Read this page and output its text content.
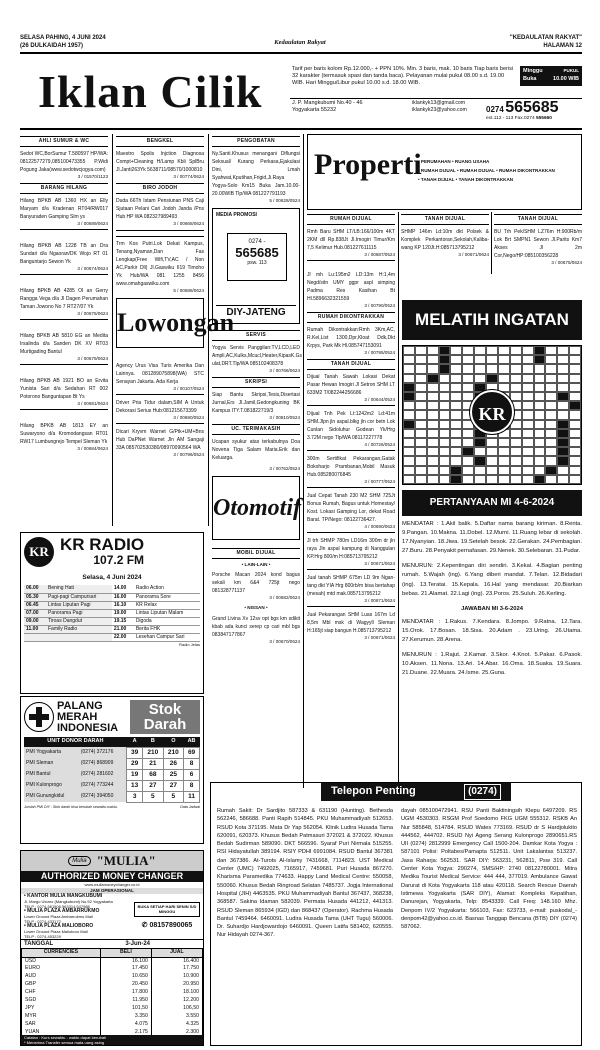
SELASA PAHING, 4 JUNI 2024
(26 DULKAIDAH 1957)	Kedaulatan Rakyat
"KEDAULATAN RAKYAT"
HALAMAN 12
Iklan Cilik	Tarif per baris kolom Rp.12.000,- + PPN 10%. Min. 3 baris, mak. 10 baris Tiap baris berisi 32 karakter (termasuk spasi dan tanda baca). Pelayanan mulai pukul 08.00 s.d. 19.00 WIB. Hari Minggu/Libur pukul 10.00 s.d. 18.00 WIB.
Minggu	PUKUL
Buka	10.00 WIB
J. P. Mangkubumi No.40 - 46
Yogyakarta 55232
iklankyk13@gmail.com
iklankyk23@yahoo.com	0274 565685
ext.112 - 113 Fax.0274 555660
AHLI SUMUR & WC
Sedot WC,BorSumur T.580597 HP/WA: 08122577279,085100473355 P.Widi Pogung Jaka(www.sedotwcjogya.com)
3 / 01570/1123
BARANG HILANG
Hilang BPKB AB 1360 HX an Elly Maryam d/a Kradenan RT04/RW017 Banyuraden Gamping Slm ys
3 / 00689/0624
Hilang BPKB AB 1228 TB an Dra Sundari d/a Ngaoran/DK Wojo RT 01 Banguntarjo Sewon Yk
3 / 00674/0624
Hilang BPKB AB 4285 OI an Gerry Rangga Vega d/a Jl Dagen Perumahan Taman Jowono No 7 RT27/07 Yk
3 / 00675/0624
Hilang BPKB AB 5810 EG an Medita Irsalinda d/a Sanden DK XV RT03 Murtigading Bantul
3 / 00679/0624
Hilang BPKB AB 1921 BO an Ervita Yunista Sari d/a Sedahan RT 002 Potorono Banguntapan Bt Ys
3 / 00681/0624
Hilang BPKB AB 1813 EY an Suwaryono d/a Kromodangsan RT01 RW17 Lumbungrejo Tempel Sleman Yk
3 / 00684/0624
BENGKEL
Maestro Spolis Injction Diagnosa Compt+Cleaning H/Lamp Kbli SplBru Jl.Janti263Yk 5638711/08570/1000810
3 / 00774/0624
BIRO JODOH
Duda 66Th Istam Pensiunan PNS Caji Sjutaan Pelani Cari Jodoh Janda /Pns Hub HP WA 082327989493
3 / 00668/0624
Trm Kos Putri.Lok Dekat Kampus, Tenang,Nyaman,Dan Fas Lengkap(Free Wifi,TV,AC / Non AC,Parkir Dll) Jl.Gaswiku II19 Timoho Yk Hub/WA 081 1255 8456 www.omahgaswiku.com
5 / 00688/0624
Lowongan
Agency Urus Visa Turis Amerika Dan Lainnya. 081289075898(WA) STC Senayan Jakarta. Ada Kerja
3 / 00107/0524
Driver Pria Tidur dalam,SIM A Untuk Dekorasi Serius Hub:081215673399
3 / 00690/0524
Dicari Kryvm Warnet G/Ptk+UM+Bns Hub DaPNet Warnet Jln AM Sangaji 33A 085702530380/08970090564 WA
3 / 00796/0524
KR KR RADIO
107.2 FM
Selasa, 4 Juni 2024
06.00	Bening Hati	14.00	Radio Action
05.30	Pagi-pagi Campursari	16.00	Panorama Sore
06.45	Lintas Liputan Pagi	16.10	KR Relax
07.00	Panorama Pagi	19.00	Lintas Liputan Malam
09.00	Tiroas Dangdut	19.15	Digoda
11.00	Family Radio	21.00	Berita FHK
		22.00	Lesehan Campur Sari
Radio Jelas
PALANG
MERAH
INDONESIA
Stok
Darah
UNIT DONOR DARAH		A	B	O	AB
PMI Yogyakarta	(0274) 372176	39	210	210	69
PMI Sleman	(0274) 868909	29	21	26	8
PMI Bantul	(0274) 281602	19	68	25	6
PMI Kulonprogo	(0274) 773244	13	27	27	8
PMI Gunungkidul	(0274) 394050	3	5	5	11
Jumlah PMI DIY : Stok darah bisa berubah sewaktu-waktu.	Data Jadwal
Mulia "MULIA"
AUTHORIZED MONEY CHANGER
www.muliamoneychanger.co.id
JAM OPERASIONAL
• KANTOR MULIA MANGKUBUMI
Jl. Margo Utomo (Mangkubumi) No.52 Yogyakarta
TELP : 0274-561506,563314,547988
• MULIA PLAZA AMBARRUKMO
Lower Ground Plaza Ambarrukmo Mall
TELP : 0274-433172
• MULIA PLAZA MALIOBORO
Lower Ground Plaza Malioboro Mall
TELP : 0274-453229
BUKA SETIAP HARI SENIN S/D MINGGU
✆ 08157890065
TANGGAL	3-Jun-24
CURRENCIES	BELI	JUAL
USD	16.100	16.400
EURO	17.450	17.750
AUD	10.650	10.900
GBP	20.450	20.950
CHF	17.800	18.100
SGD	11.950	12.200
JPY	101,50	106,50
MYR	3.350	3.550
SAR	4.075	4.325
YUAN	2.175	2.300
Catatan : Kurs sewaktu - waktu dapat berubah
* Menerima Transfer semua mata uang asing
PENGOBATAN
Ny.Santi.Khusus menangani Diflungsi Seksual/ Kurang Perkasa,Ejakulasi Dini, Lmah Syahwat,Kputihan,Frigid,Ji.Raya Yogya-Solo Km15 Buka Jam.10.00-20.00WIB Tlp/WA 081227791193
5 / 00628/0524
MEDIA PROMOSI
0274 -
565685
psw. 113
DIY-JATENG
SERVIS
Yogya Servis Panggilan:TV,LCD,LED Ampli,AC,Kulks,Mcucl,Heater,KipasK.Gs ulat,DRT.Tlp/WA 085102408378
3 / 00768/0624
SKRIPSI
Siap Bantu Skripsi,Tesis,Disertasi Jurnal,Ers Jl.Jamil,Gedongkuning BK Kampus ITY.T.081822719/3
3 / 00810/0524
UC. TERIMAKASIH
Ucapan syukur atas terkabulnya Doa Novena Tiga Salam Maria.Erik dan Keluarga.
3 / 00762/0524
Otomotif
MOBIL DIJUAL
• LAIN-LAIN •
Porsche Macan 2024 kond bagus sekali km 6&4 725jt nego 081328771137
3 / 00682/0624
• NISSAN •
Grand Livina Xv 12sv opt bgs km sdikit kbab ada kunci serep cp cari mbl bgs 083847177867
3 / 00670/0624
Properti
• PERUMAHAN • RUANG USAHA
• RUMAH DIJUAL • RUMAH DIJUAL • RUMAH DIKONTRAKKAN
• TANAH DIJUAL • TANAH DIKONTRAKKAN
RUMAH DIJUAL
Rmh Baru SHM LT/LB:166/100m 4KT 2KM dll Rp.838Jt Jl.Imogiri Timur/Km 7,5 Kelimur Hub.081227611115
3 / 00687/0524
Jl mh Lu:195m2 LD:13m H:1,4m Negd/sitn UMY ggpr aspl simping Padma Res Kasihan Bt Hl.5896632321559
3 / 00790/0524
RUMAH DIKONTRAKKAN
Rumah Dikontrakkan:Rmh 3Km,AC, R.Kel,List 1300,Dpr,Kloat Ddk,Dkt Krpys, Park Mk Hl.085747153091
3 / 00795/0524
TANAH DIJUAL
Dijual Tanah Sawah Lokasi Dekat Pasar Hewan Imogiri Jl Setron SHM LT 633M2 T/082244256686
3 / 00644/0524
Dijual Tnh Pek Lt:1242m2 Ld:41m SHM.Jlpn jln aspal.blkg jln cor betn Lok Cunlan Sidoluhur Godean Yk/Hrg 3.72M nego Tlp/WA 08117227778
4 / 00726/0524
300m Sertifikat Pekarangan,Gatak Bokoharjo Prambanan,Mobil Masuk Hub.085280076845
3 / 00777/0524
Jual Cepat Tanah 230 M2 SHM 725Jt Bonus Rumah, Bagus untuk Homestay/ Kost. Lokasi Gamping Lor, dekat Road Barat. TP/Nego: 08122736427.
4 / 00690/0624
Jl trh SHMP 780m LD16m 300m dr jln raya Jln aspal kampung di Nanggulan KP.Hrg 800/m H:085713795212
3 / 00671/0624
Jual tanah SHMP 675m LD 9m Ngan-tang dkt YIA Hrg 800rb/m bisa bertahap (mesah) mtd mak.085713795212
3 / 00671/0624
Jual Pekarangan SHM Luas 167m Ld 8,5m Mbl msk di Wagyyll Sleman H:165jt siap bangun H.085713795212
3 / 00671/0624
TANAH DIJUAL
SHMP 146m Ld:10m dkt Polsek & Komplek Perkantoran,Sekolah,Kaliba-wang KP 120Jt.H:085713795212
3 / 00671/0624
TANAH DIJUAL
BU Trh Pek/SHM LZ76m H:900Rb/m Lok Brt SMPN1 Sewon Jl.Parits Km7 Akses Jl 2m Cor,Nego/HP:085100356228
3 / 00675/0624
MELATIH INGATAN
KR
PERTANYAAN MI 4-6-2024
MENDATAR : 1.Akil balik. 5.Daftar nama barang kiriman. 8.Renta. 9.Pangan. 10.Makna. 11.Dobel. 12.Murni. 11.Ruang lebar di sekolah. 17.Nyanyian. 18.Jiwa. 19.Setelah besok. 22.Gerakan. 24.Pembagian. 27.Buru. 28.Penyakit pernafasan. 29.Nenek. 30.Selebaran. 31.Pudar.
MENURUN: 2.Kepentingan diri sendiri. 3.Kekal. 4.Bagian penting rumah. 5.Wajah (ing). 6.Yang diberi mandat. 7.Telan. 12.Bidadari (ing). 13.Teratai. 15.Kepala. 16.Hal yang mendasar. 20.Biarkan bebas. 21.Alamat. 22.Lagi (ing). 23.Poros. 25.Suluh. 26.Kerling.
JAWABAN MI 3-6-2024
MENDATAR : 1.Rakus. 7.Kendara. 8.Jompo. 9.Ratna. 12.Tara. 15.Orok. 17.Bosan. 18.Sisa. 20.Adam . 23.Uring. 26.Utama. 27.Kerumun. 28.Arena.
MENURUN : 1.Rajut. 2.Kamar. 3.Skor. 4.Knot. 5.Pakar. 6.Pasok. 10.Aksen. 11.Nona. 13.Ari. 14.Abar. 16.Oma. 18.Suaka. 19.Suara. 21.Duane. 22.Muara. 24.Isme. 25.Guna.
Telepon Penting	(0274)
Rumah Sakit: Dr Sardjito 587333 & 631190 (Hunting). Bethesda 562246, 586688. Panti Rapih 514845. PKU Muhammadiyah 512653. RSUD Kota 371195. Mata Dr Yap 562054. Klinik Ludira Husada Tama 620091, 620373. Khusus Bedah Patmasuri 372021 & 372022. Khusus Bedah Sudirman 589090. DKT 566596. Syaraf Puri Nirmala 515255. RSI Hidayatullah 389194. RSIY PDHI 6991084. RSUD Bantul 367381 dan 367386. At-Turots Al-Islamy 7431668, 7114823. UST Medical Center (UMC) 7492025, 7165917, 7459681. Puri Husada 867270. Kharisma Paramedika 774633. Happy Land Medical Centre: 550058, 550060. Khusus Bedah Ringroad Selatan 7485737. Jogja International Hospital (JIH) 4463535. PKU Muhammadiyah Bantul 367437, 368238, 368587. Sakina Idaman 582039. Permata Husada 441212, 441313. RSUD Sleman 865934 (IGD) dan 868437 (Operator). Rachma Husada Bantul 7459464. 6460091. Ludira Husada Tama (UHT Tugu) 560006. Dr. Suhardjo Hardjowardojo 6460091. Queen Latifa 581402, 620555. Nur Hidayah 0274-367.
dayah 085100472941. RSU Panti Baktiningsih Klepu 6497209. RS UGM 4530303. RSGM Prof Soedomo FKG UGM 555312. RSKB An Nur 585848, 514784. RSUD Wates 773169. RSUD dr S Hardjolukito 444562, 444702. RSUD Nyi Ageng Serang Kulonprogo 2890651.RS UII (0274) 2812999 Emergency Call 1500-204. Damkar Kota Yogya : 587101 Polisi: Poltabes/Pamapta 512511. Unit Lakalantas 513237. Jasa Raharja: 562531. SAR DIY: 563231, 562811, Psw 319. Call Center Kota Yogya: 290274, SMS/HP: 2740 08122780001. Mitra Medika Tourist Medical Service: 444 444, 377019. Ambulance Gawat Darurat di Kota Yogyakarta 118 atau 420118. Search Rescue Daerah Istimewa Yogyakarta (SAR DIY), Alamat: Kompleks Kepatihan, Danurejan, Yogyakarta, Telp: 8543339. Call Freq: 148.160 Mhz. Denpom IV/2 Yogyakarta: 566103, Fax: 623733, e-mail: puskodal_-denpom42@yahoo.co.id. Basnas Tanggap Bencana (BTB) DIY (0274) 587062.
